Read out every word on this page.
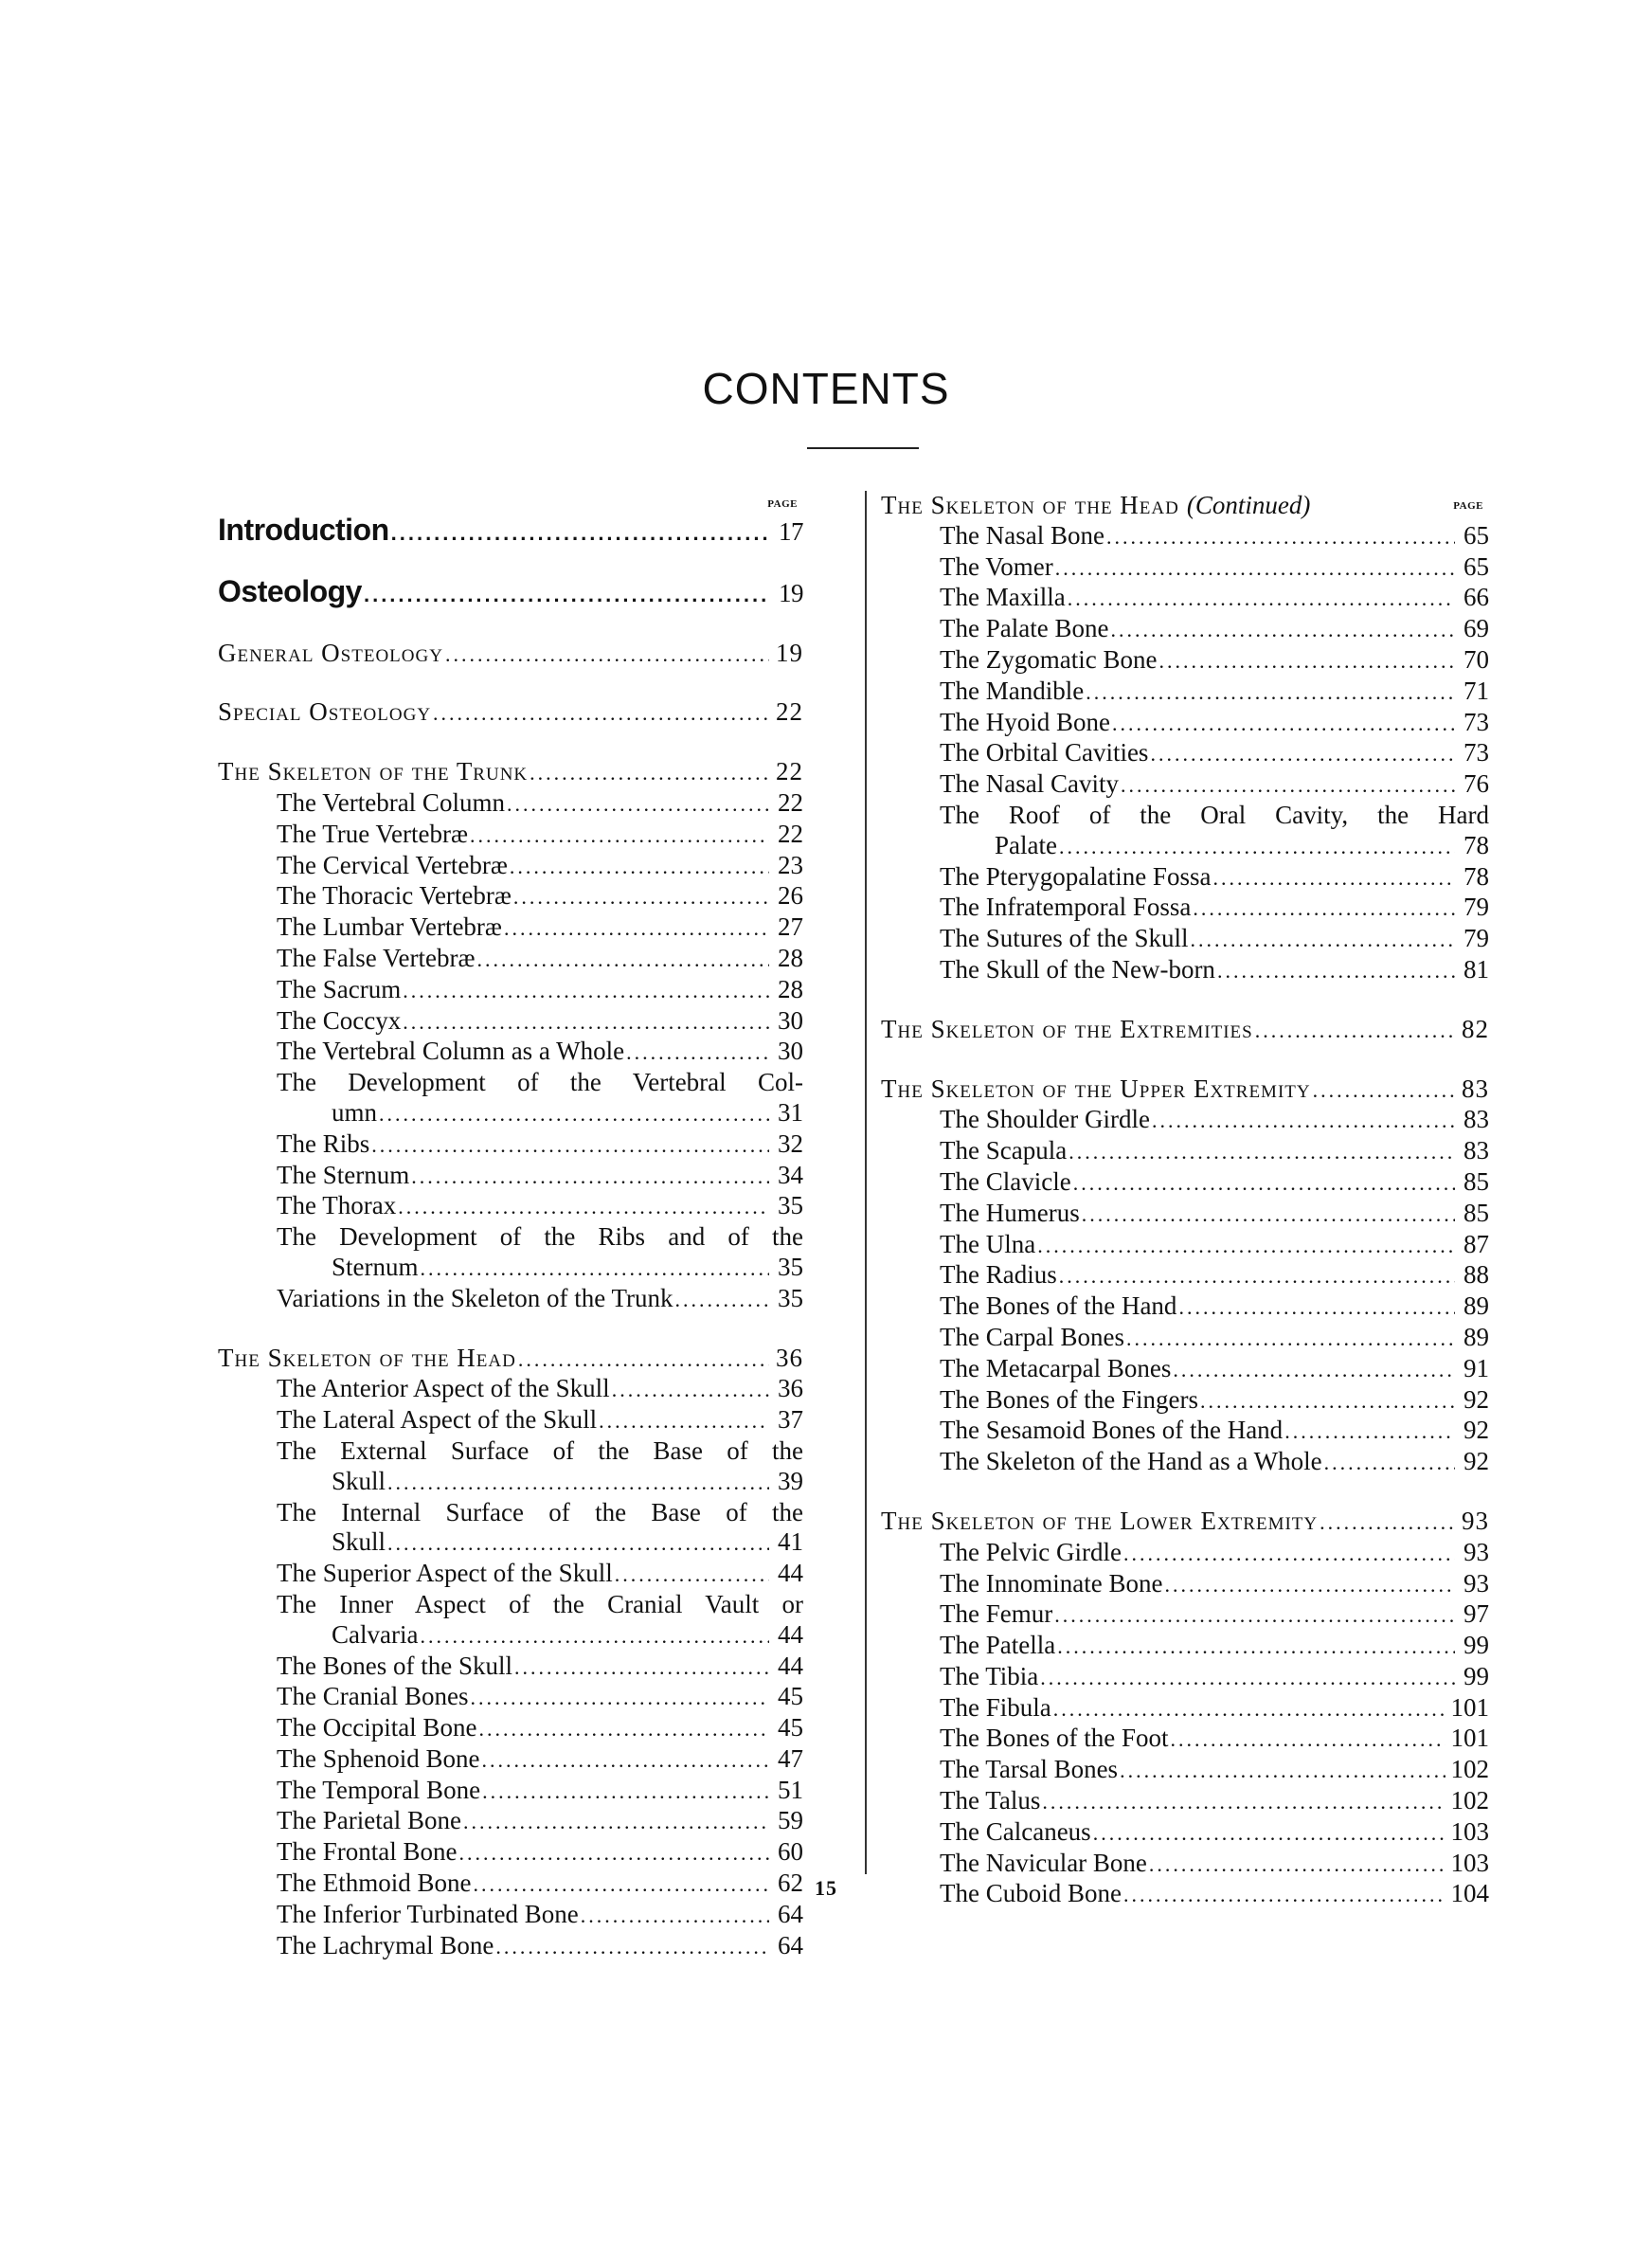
CONTENTS
PAGE
Introduction .....	17
Osteology .....	19
General Osteology .....	19
Special Osteology .....	22
The Skeleton of the Trunk .....	22
The Vertebral Column .....	22
The True Vertebræ .....	22
The Cervical Vertebræ .....	23
The Thoracic Vertebræ .....	26
The Lumbar Vertebræ .....	27
The False Vertebræ .....	28
The Sacrum .....	28
The Coccyx .....	30
The Vertebral Column as a Whole .....	30
The Development of the Vertebral Col-
umn .....	31
The Ribs .....	32
The Sternum .....	34
The Thorax .....	35
The Development of the Ribs and of the
Sternum .....	35
Variations in the Skeleton of the Trunk .....	35
The Skeleton of the Head .....	36
The Anterior Aspect of the Skull .....	36
The Lateral Aspect of the Skull .....	37
The External Surface of the Base of the
Skull .....	39
The Internal Surface of the Base of the
Skull .....	41
The Superior Aspect of the Skull .....	44
The Inner Aspect of the Cranial Vault or
Calvaria .....	44
The Bones of the Skull .....	44
The Cranial Bones .....	45
The Occipital Bone .....	45
The Sphenoid Bone .....	47
The Temporal Bone .....	51
The Parietal Bone .....	59
The Frontal Bone .....	60
The Ethmoid Bone .....	62
The Inferior Turbinated Bone .....	64
The Lachrymal Bone .....	64
PAGE
The Skeleton of the Head (Continued)
The Nasal Bone .....	65
The Vomer .....	65
The Maxilla .....	66
The Palate Bone .....	69
The Zygomatic Bone .....	70
The Mandible .....	71
The Hyoid Bone .....	73
The Orbital Cavities .....	73
The Nasal Cavity .....	76
The Roof of the Oral Cavity, the Hard
Palate .....	78
The Pterygopalatine Fossa .....	78
The Infratemporal Fossa .....	79
The Sutures of the Skull .....	79
The Skull of the New-born .....	81
The Skeleton of the Extremities .....	82
The Skeleton of the Upper Extremity .....	83
The Shoulder Girdle .....	83
The Scapula .....	83
The Clavicle .....	85
The Humerus .....	85
The Ulna .....	87
The Radius .....	88
The Bones of the Hand .....	89
The Carpal Bones .....	89
The Metacarpal Bones .....	91
The Bones of the Fingers .....	92
The Sesamoid Bones of the Hand .....	92
The Skeleton of the Hand as a Whole .....	92
The Skeleton of the Lower Extremity .....	93
The Pelvic Girdle .....	93
The Innominate Bone .....	93
The Femur .....	97
The Patella .....	99
The Tibia .....	99
The Fibula .....	101
The Bones of the Foot .....	101
The Tarsal Bones .....	102
The Talus .....	102
The Calcaneus .....	103
The Navicular Bone .....	103
The Cuboid Bone .....	104
15
